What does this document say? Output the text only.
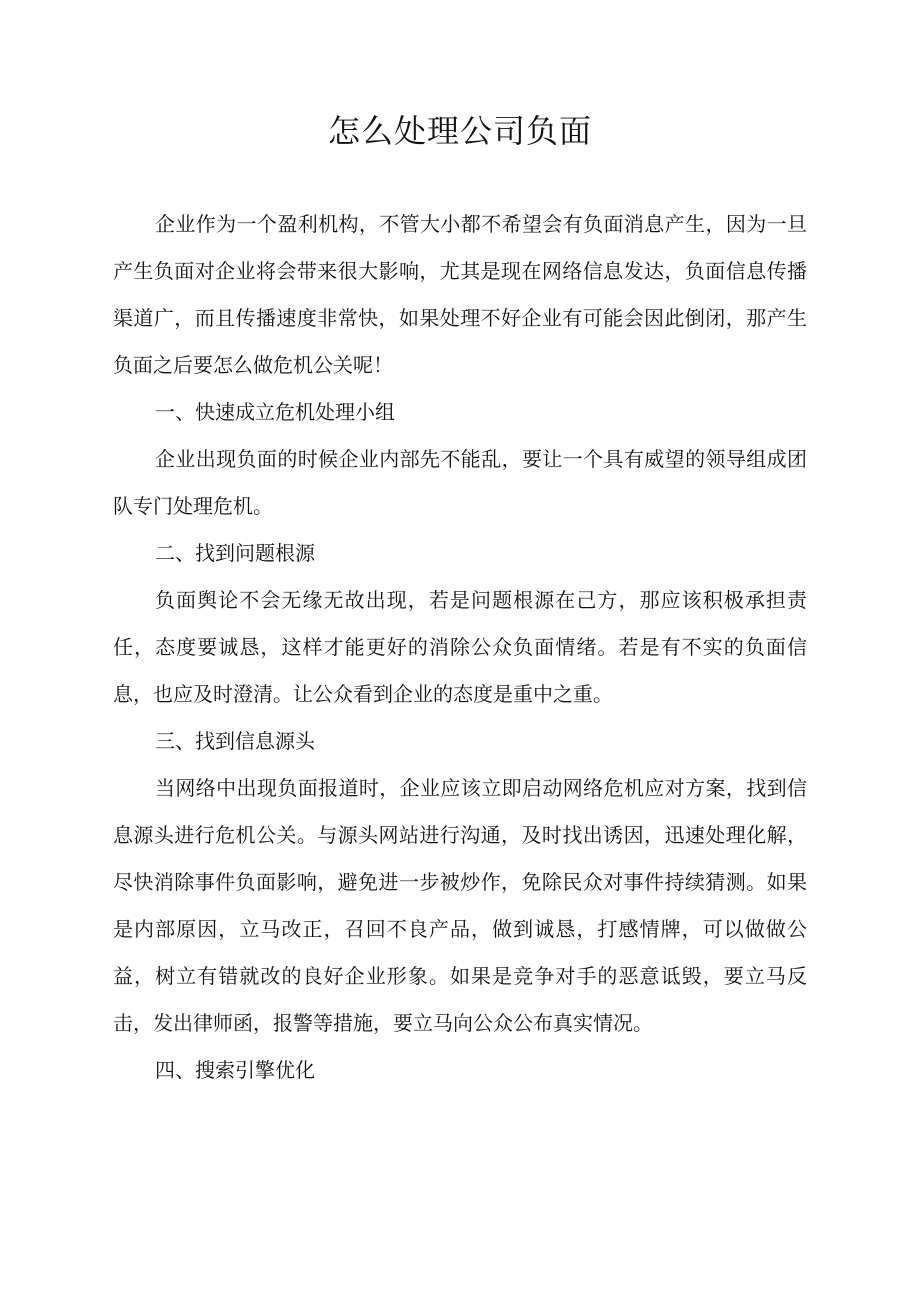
怎么处理公司负面

企业作为一个盈利机构，不管大小都不希望会有负面消息产生，因为一旦产生负面对企业将会带来很大影响，尤其是现在网络信息发达，负面信息传播渠道广，而且传播速度非常快，如果处理不好企业有可能会因此倒闭，那产生负面之后要怎么做危机公关呢！

一、快速成立危机处理小组

企业出现负面的时候企业内部先不能乱，要让一个具有威望的领导组成团队专门处理危机。

二、找到问题根源

负面舆论不会无缘无故出现，若是问题根源在己方，那应该积极承担责任，态度要诚恳，这样才能更好的消除公众负面情绪。若是有不实的负面信息，也应及时澄清。让公众看到企业的态度是重中之重。

三、找到信息源头

当网络中出现负面报道时，企业应该立即启动网络危机应对方案，找到信息源头进行危机公关。与源头网站进行沟通，及时找出诱因，迅速处理化解，尽快消除事件负面影响，避免进一步被炒作，免除民众对事件持续猜测。如果是内部原因，立马改正，召回不良产品，做到诚恳，打感情牌，可以做做公益，树立有错就改的良好企业形象。如果是竞争对手的恶意诋毁，要立马反击，发出律师函，报警等措施，要立马向公众公布真实情况。

四、搜索引擎优化
